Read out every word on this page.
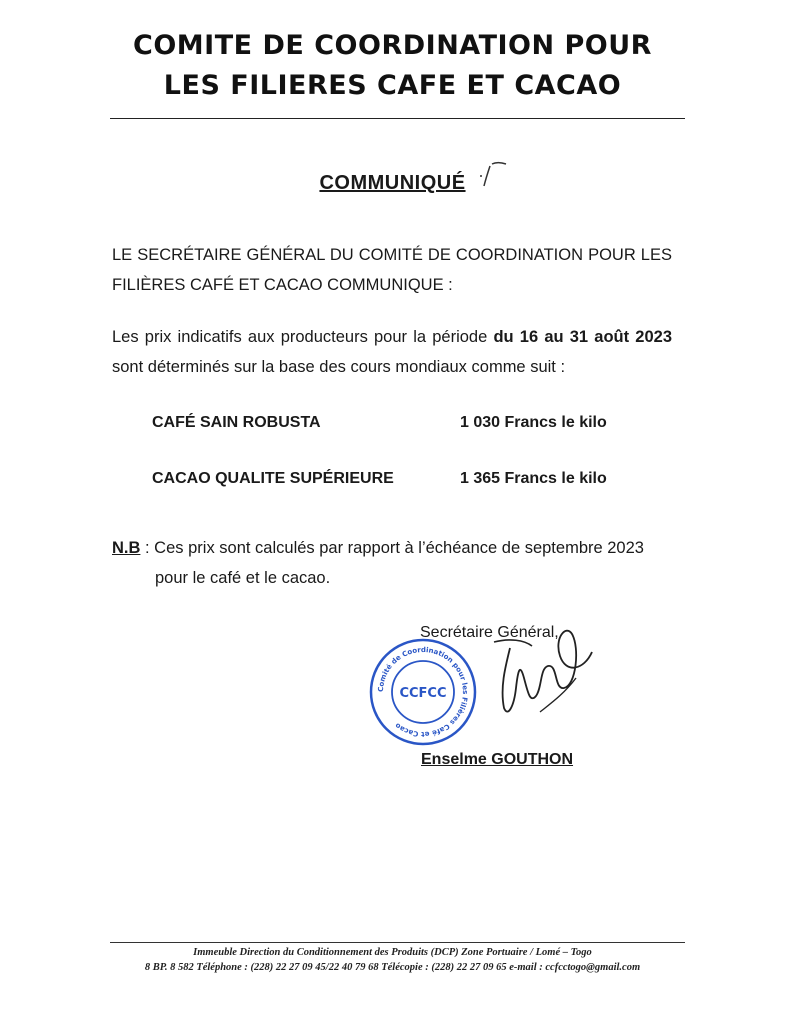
COMITE DE COORDINATION POUR
LES FILIERES CAFE ET CACAO
COMMUNIQUÉ
LE SECRÉTAIRE GÉNÉRAL DU COMITÉ DE COORDINATION POUR LES FILIÈRES CAFÉ ET CACAO COMMUNIQUE :
Les prix indicatifs aux producteurs pour la période du 16 au 31 août 2023 sont déterminés sur la base des cours mondiaux comme suit :
CAFÉ SAIN ROBUSTA	1 030 Francs le kilo
CACAO QUALITE SUPÉRIEURE	1 365 Francs le kilo
N.B : Ces prix sont calculés par rapport à l’échéance de septembre 2023
pour le café et le cacao.
Secrétaire Général,
Comité de Coordination pour les Filières Café et Cacao
CCFCC
Enselme GOUTHON
Immeuble Direction du Conditionnement des Produits (DCP) Zone Portuaire / Lomé – Togo
8 BP. 8 582 Téléphone : (228) 22 27 09 45/22 40 79 68 Télécopie : (228) 22 27 09 65 e-mail : ccfcctogo@gmail.com
